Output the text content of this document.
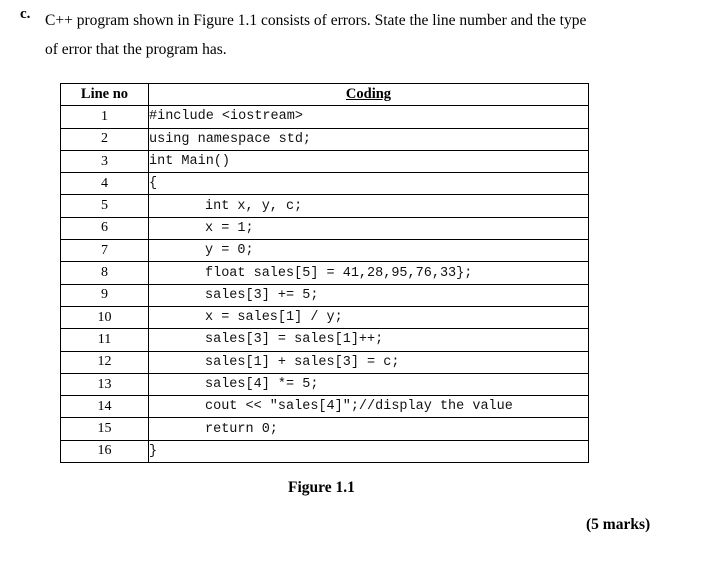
c. C++ program shown in Figure 1.1 consists of errors. State the line number and the type
of error that the program has.
Line no	Coding
1	#include <iostream>
2	using namespace std;
3	int Main()
4	{
5	int x, y, c;
6	x = 1;
7	y = 0;
8	float sales[5] = 41,28,95,76,33};
9	sales[3] += 5;
10	x = sales[1] / y;
11	sales[3] = sales[1]++;
12	sales[1] + sales[3] = c;
13	sales[4] *= 5;
14	cout << "sales[4]";//display the value
15	return 0;
16	}
Figure 1.1
(5 marks)
